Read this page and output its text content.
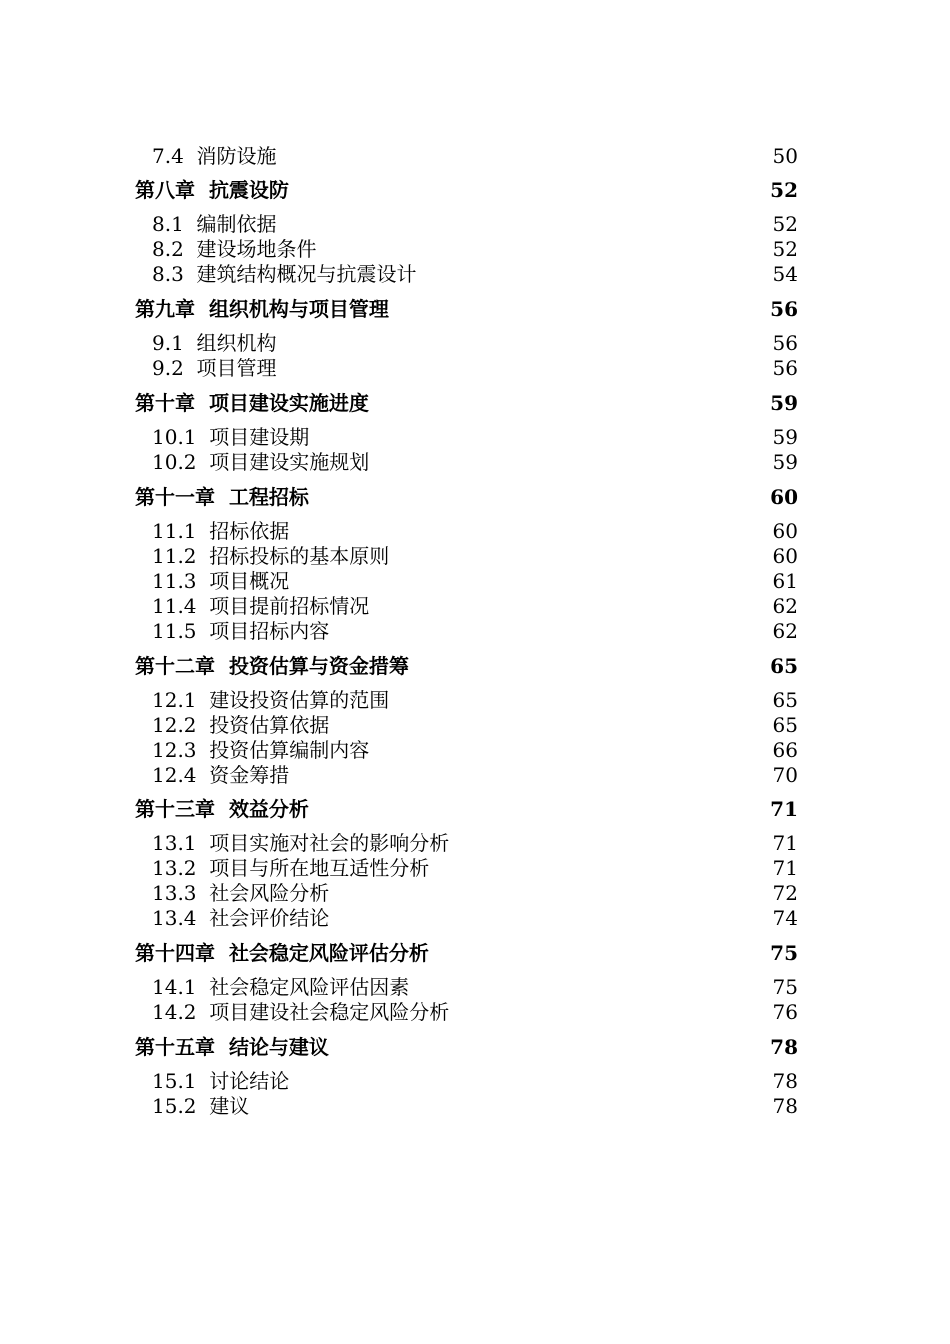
7.4 消防设施	50
第八章 抗震设防	52
8.1 编制依据	52
8.2 建设场地条件	52
8.3 建筑结构概况与抗震设计	54
第九章 组织机构与项目管理	56
9.1 组织机构	56
9.2 项目管理	56
第十章 项目建设实施进度	59
10.1 项目建设期	59
10.2 项目建设实施规划	59
第十一章 工程招标	60
11.1 招标依据	60
11.2 招标投标的基本原则	60
11.3 项目概况	61
11.4 项目提前招标情况	62
11.5 项目招标内容	62
第十二章 投资估算与资金措筹	65
12.1 建设投资估算的范围	65
12.2 投资估算依据	65
12.3 投资估算编制内容	66
12.4 资金筹措	70
第十三章 效益分析	71
13.1 项目实施对社会的影响分析	71
13.2 项目与所在地互适性分析	71
13.3 社会风险分析	72
13.4 社会评价结论	74
第十四章 社会稳定风险评估分析	75
14.1 社会稳定风险评估因素	75
14.2 项目建设社会稳定风险分析	76
第十五章 结论与建议	78
15.1 讨论结论	78
15.2 建议	78
